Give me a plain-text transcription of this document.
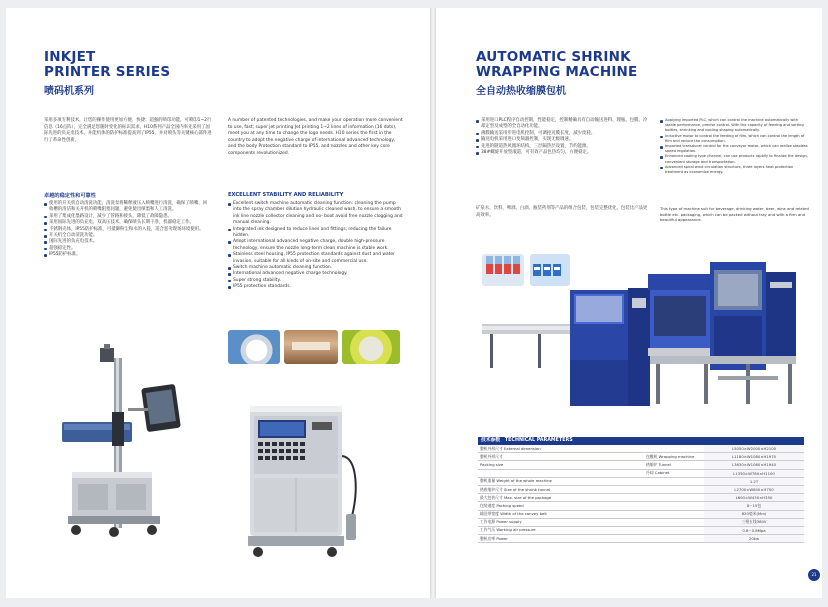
INKJET
PRINTER SERIES
喷码机系列
采用多项专利技术，让您的操作使用更加方便、快捷；超强的喷印功能，可喷印1~2行信息（16点阵），完全满足您随时变化的标识需求，H10系列产品全国内率先采用了国际先进的负充电技术，并能机体的防护标准提高到了IP55，并对喷头等关键核心部件进行了革命性创新。
A number of patented technologies, and make your operation more convenient to use, fast; super jet printing Jet printing 1~2 lines of information (16 dots), meet you at any time to change the logo needs. H10 series the first in the country to adopt the negative charge of international advanced technology, and the body Protection standard to IP55, and nozzles and other key core components revolutionized.
卓越的稳定性和可靠性
使用的开关机自动清洗功能，清洗泵将稀释液压入喷嘴进行清洗，确保了喷嘴、回收槽的清洁和关开机的喷嘴阻塞问题，避免使出喷墨和人工清洗。
采用了集成化墨路设计，减少了管路和接头，降低了故障隐患。
采用国际先进的负充电，双高压技术，确保喷头长期干净，机器稳定工作。
不锈钢壳体，IP55防护标准，可抵御粉尘和水的入侵，适合恶劣现场环境使用。
开关机全自动清洗功能。
国际先进的负充电技术。
超强稳定性。
IP55防护标准。
EXCELLENT STABILITY AND RELIABILITY
Excellent switch machine automatic cleaning function: cleaning the pump into the spray chamber dilution hydraulic cleaned wash, to ensure a smooth ink line nozzle collector cleaning and no- boot avoid free nozzle clogging and manual cleaning.
Integrated ink designed to reduce lines and fittings, reducing the failure hidden.
Adopt international advanced negative charge, double high-pressure technology, ensure the nozzle long-term clean machine is stable work.
Stainless steel housing, IP55 protection standards against dust and water invasion, suitable for all kinds of on-site and commercial use.
Switch machine automatic cleaning function.
International advanced negative charge technology.
Super strong stability.
IP55 protection standards.
AUTOMATIC SHRINK
WRAPPING MACHINE
全自动热收缩膜包机
采用进口PLC程序自动控制，性能稳定，控制精确具有自动输送进料、理瓶、包膜、冷却定型及成型的全自动化功能。
薄膜输送采用步进电机控制，可调控送膜长度，减少废耗。
输送电机采用进口变频器控制，实现无级调速。
先进的隧道热风循环结构，三层隔热层设置，节约能源。
38#螺旋开放型滚道，可有效产品色热均匀，方便稳定。
Applying imported PLC, which can control the machine automatically with stable performance, precise control. With the capacity of feeding and sorting bottles, shrinking and cooling shaping automatically.
Inductive motor to control the feeding of film, which can control the length of film and reduce the consumption.
Imported transducer control for the conveyor motor, which can realize stepless speed regulation.
Enhanced cooling type channel, can use products rapidly to finalize the design, convenient storage and transportation.
Advanced spiral wind circulation structure, three layers heat protection treatment as economize energy.
矿泉水、饮料、啤酒、白酒、瓶装药剂等产品的组合包装，包装完整优化，包装比产品更高效率。
This type of machine suit for beverage, drinking water, beer, wine and related bottle etc. packaging, which can be packed without tray and with a firm and beautiful appearance.
技术参数 TECHNICAL PARAMETERS
整机外形尺寸 External dimension		L5050×W2000×H2100
整机外形尺寸	包膜机 Wrapping machine	L1180×W1080×H1970
Packing size	热缩炉 Tunnel	L3630×W1060×H1940
	冷却 Cabinet	L1350×W780×H1100
整机重量 Weight of the whole machine		1.2T
热收缩炉尺寸 Size of the shrink tunnel		L2700×W800×H750
最大包装尺寸 Max. size of the package		L600×W430×H350
包装速度 Packing speed		8~15包
输送带宽度 Width of the convey belt		820毫米(Mm)
工作电源 Power supply		三相五线380V
工作气压 Working air pressure		0.6~0.8Mpa
整机功率 Power		20kw
21
